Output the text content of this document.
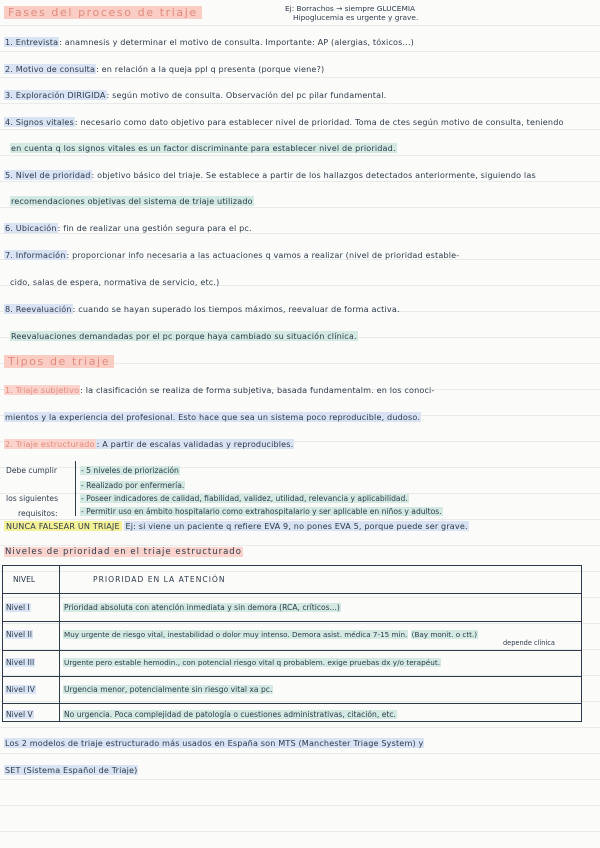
Ej: Borrachos → siempre GLUCEMIA
Hipoglucemia es urgente y grave.
Fases del proceso de triaje
1. Entrevista: anamnesis y determinar el motivo de consulta. Importante: AP (alergias, tóxicos...)
2. Motivo de consulta: en relación a la queja ppl q presenta (porque viene?)
3. Exploración DIRIGIDA: según motivo de consulta. Observación del pc pilar fundamental.
4. Signos vitales: necesario como dato objetivo para establecer nivel de prioridad. Toma de ctes según motivo de consulta, teniendo
en cuenta q los signos vitales es un factor discriminante para establecer nivel de prioridad.
5. Nivel de prioridad: objetivo básico del triaje. Se establece a partir de los hallazgos detectados anteriormente, siguiendo las
recomendaciones objetivas del sistema de triaje utilizado
6. Ubicación: fin de realizar una gestión segura para el pc.
7. Información: proporcionar info necesaria a las actuaciones q vamos a realizar (nivel de prioridad estable-
cido, salas de espera, normativa de servicio, etc.)
8. Reevaluación: cuando se hayan superado los tiempos máximos, reevaluar de forma activa.
Reevaluaciones demandadas por el pc porque haya cambiado su situación clínica.
Tipos de triaje
1. Triaje subjetivo: la clasificación se realiza de forma subjetiva, basada fundamentalm. en los conoci-
mientos y la experiencia del profesional. Esto hace que sea un sistema poco reproducible, dudoso.
2. Triaje estructurado : A partir de escalas validadas y reproducibles.
Debe cumplir
los siguientes
requisitos:
- 5 niveles de priorización
- Realizado por enfermería.
- Poseer indicadores de calidad, fiabilidad, validez, utilidad, relevancia y aplicabilidad.
- Permitir uso en ámbito hospitalario como extrahospitalario y ser aplicable en niños y adultos.
NUNCA FALSEAR UN TRIAJE Ej: si viene un paciente q refiere EVA 9, no pones EVA 5, porque puede ser grave.
Niveles de prioridad en el triaje estructurado
NIVEL	PRIORIDAD EN LA ATENCIÓN
Nivel I	Prioridad absoluta con atención inmediata y sin demora (RCA, críticos...)
Nivel II	Muy urgente de riesgo vital, inestabilidad o dolor muy intenso. Demora asist. médica 7-15 min. (Bay monit. o ctt.)
depende clínica
Nivel III	Urgente pero estable hemodin., con potencial riesgo vital q probablem. exige pruebas dx y/o terapéut.
Nivel IV	Urgencia menor, potencialmente sin riesgo vital xa pc.
Nivel V	No urgencia. Poca complejidad de patología o cuestiones administrativas, citación, etc.
Los 2 modelos de triaje estructurado más usados en España son MTS (Manchester Triage System) y
SET (Sistema Español de Triaje)
